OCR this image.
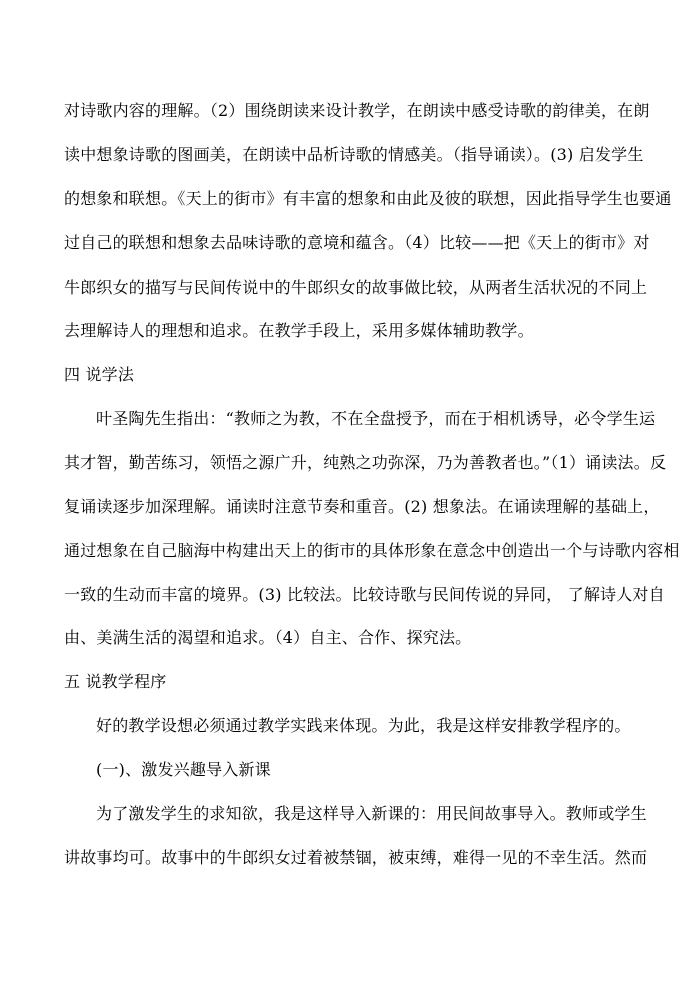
对诗歌内容的理解。（2）围绕朗读来设计教学，在朗读中感受诗歌的韵律美，在朗
读中想象诗歌的图画美，在朗读中品析诗歌的情感美。（指导诵读）。(3) 启发学生
的想象和联想。《天上的街市》有丰富的想象和由此及彼的联想，因此指导学生也要通
过自己的联想和想象去品味诗歌的意境和蕴含。（4）比较——把《天上的街市》对
牛郎织女的描写与民间传说中的牛郎织女的故事做比较，从两者生活状况的不同上
去理解诗人的理想和追求。在教学手段上，采用多媒体辅助教学。
四 说学法
叶圣陶先生指出：“教师之为教，不在全盘授予，而在于相机诱导，必令学生运
其才智，勤苦练习，领悟之源广升，纯熟之功弥深，乃为善教者也。”（1）诵读法。反
复诵读逐步加深理解。诵读时注意节奏和重音。(2) 想象法。在诵读理解的基础上，
通过想象在自己脑海中构建出天上的街市的具体形象在意念中创造出一个与诗歌内容相
一致的生动而丰富的境界。(3) 比较法。比较诗歌与民间传说的异同， 了解诗人对自
由、美满生活的渴望和追求。（4）自主、合作、探究法。
五 说教学程序
好的教学设想必须通过教学实践来体现。为此，我是这样安排教学程序的。
(一)、激发兴趣导入新课
为了激发学生的求知欲，我是这样导入新课的：用民间故事导入。教师或学生
讲故事均可。故事中的牛郎织女过着被禁锢，被束缚，难得一见的不幸生活。然而
